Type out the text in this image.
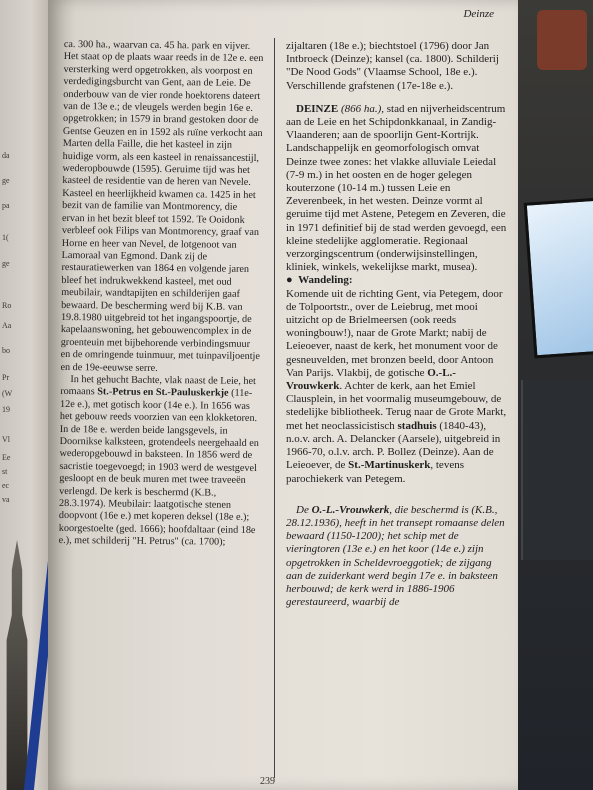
da
ge
pa
1(
ge
Ro
Aa
bo
Pr
(W
19
Vl
Ee
st
ec
va
Deinze

ca. 300 ha., waarvan ca. 45 ha. park en vijver. Het staat op de plaats waar reeds in de 12e e. een versterking werd opgetrokken, als voorpost en verdedigingsburcht van Gent, aan de Leie. De onderbouw van de vier ronde hoektorens dateert van de 13e e.; de vleugels werden begin 16e e. opgetrokken; in 1579 in brand gestoken door de Gentse Geuzen en in 1592 als ruïne verkocht aan Marten della Faille, die het kasteel in zijn huidige vorm, als een kasteel in renaissancestijl, wederopbouwde (1595). Geruime tijd was het kasteel de residentie van de heren van Nevele. Kasteel en heerlijkheid kwamen ca. 1425 in het bezit van de familie van Montmorency, die ervan in het bezit bleef tot 1592. Te Ooidonk verbleef ook Filips van Montmorency, graaf van Horne en heer van Nevel, de lotgenoot van Lamoraal van Egmond. Dank zij de restauratiewerken van 1864 en volgende jaren bleef het indrukwekkend kasteel, met oud meubilair, wandtapijten en schilderijen gaaf bewaard. De bescherming werd bij K.B. van 19.8.1980 uitgebreid tot het ingangspoortje, de kapelaanswoning, het gebouwencomplex in de groenteuin met bijbehorende verbindingsmuur en de omringende tuinmuur, met tuinpaviljoentje en de 19e-eeuwse serre.

In het gehucht Bachte, vlak naast de Leie, het romaans St.-Petrus en St.-Pauluskerkje (11e-12e e.), met gotisch koor (14e e.). In 1656 was het gebouw reeds voorzien van een klokketoren. In de 18e e. werden beide langsgevels, in Doornikse kalksteen, grotendeels neergehaald en wederopgebouwd in baksteen. In 1856 werd de sacristie toegevoegd; in 1903 werd de westgevel gesloopt en de beuk muren met twee traveeën verlengd. De kerk is beschermd (K.B., 28.3.1974). Meubilair: laatgotische stenen doopvont (16e e.) met koperen deksel (18e e.); koorgestoelte (ged. 1666); hoofdaltaar (eind 18e e.), met schilderij "H. Petrus" (ca. 1700);

zijaltaren (18e e.); biechtstoel (1796) door Jan Intbroeck (Deinze); kansel (ca. 1800). Schilderij "De Nood Gods" (Vlaamse School, 18e e.). Verschillende grafstenen (17e-18e e.).

DEINZE (866 ha.), stad en nijverheidscentrum aan de Leie en het Schipdonkkanaal, in Zandig-Vlaanderen; aan de spoorlijn Gent-Kortrijk. Landschappelijk en geomorfologisch omvat Deinze twee zones: het vlakke alluviale Leiedal (7-9 m.) in het oosten en de hoger gelegen kouterzone (10-14 m.) tussen Leie en Zeverenbeek, in het westen. Deinze vormt al geruime tijd met Astene, Petegem en Zeveren, die in 1971 definitief bij de stad werden gevoegd, een kleine stedelijke agglomeratie. Regionaal verzorgingscentrum (onderwijsinstellingen, kliniek, winkels, wekelijkse markt, musea).

● Wandeling:
Komende uit de richting Gent, via Petegem, door de Tolpoortstr., over de Leiebrug, met mooi uitzicht op de Brielmeersen (ook reeds woningbouw!), naar de Grote Markt; nabij de Leieoever, naast de kerk, het monument voor de gesneuvelden, met bronzen beeld, door Antoon Van Parijs. Vlakbij, de gotische O.-L.-Vrouwkerk. Achter de kerk, aan het Emiel Clausplein, in het voormalig museumgebouw, de stedelijke bibliotheek. Terug naar de Grote Markt, met het neoclassicistisch stadhuis (1840-43), n.o.v. arch. A. Delancker (Aarsele), uitgebreid in 1966-70, o.l.v. arch. P. Bollez (Deinze). Aan de Leieoever, de St.-Martinuskerk, tevens parochiekerk van Petegem.

De O.-L.-Vrouwkerk, die beschermd is (K.B., 28.12.1936), heeft in het transept romaanse delen bewaard (1150-1200); het schip met de vieringtoren (13e e.) en het koor (14e e.) zijn opgetrokken in Scheldevroeggotiek; de zijgang aan de zuiderkant werd begin 17e e. in baksteen herbouwd; de kerk werd in 1886-1906 gerestaureerd, waarbij de

239
